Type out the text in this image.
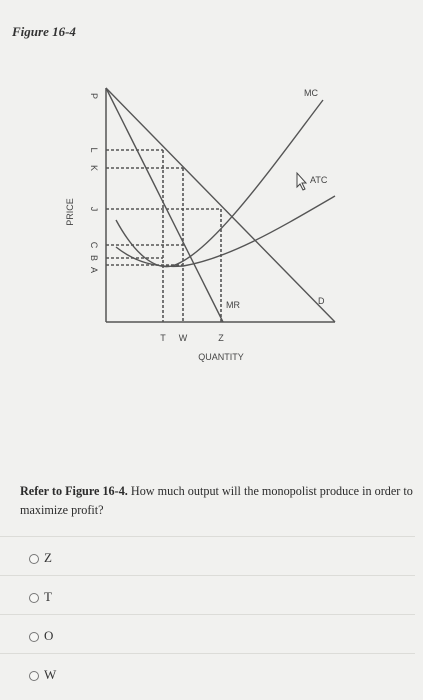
Figure 16-4
PRICE
P
L
K
J
C
B
A
T W	Z
QUANTITY
MC
ATC
MR	D
Refer to Figure 16-4. How much output will the monopolist produce in order to maximize profit?
Z
T
O
W
